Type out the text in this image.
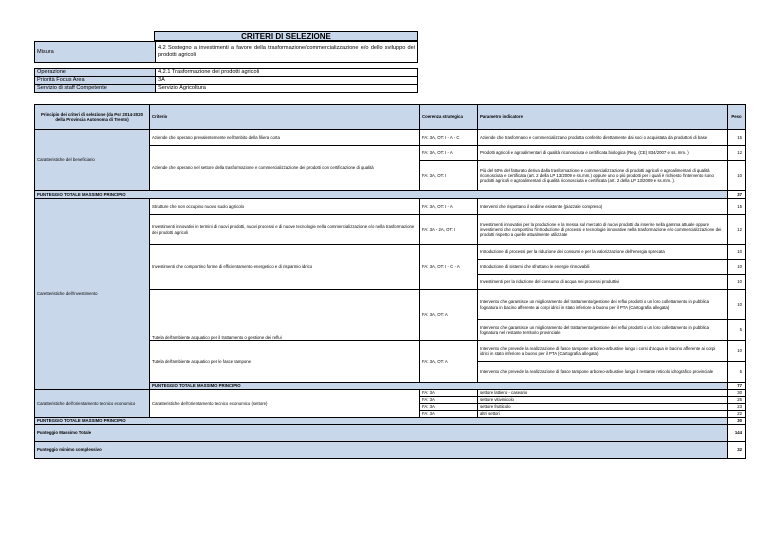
CRITERI DI SELEZIONE
Misura	4.2 Sostegno a investimenti a favore della trasformazione/commercializzazione e/o dello sviluppo dei prodotti agricoli
Operazione	4.2.1 Trasformazione dei prodotti agricoli
Priorità Focus Area	3A
Servizio di staff Competente	Servizio Agricoltura
Principio dei criteri di selezione (da Psr 2014-2020 della Provincia Autonoma di Trento)	Criterio	Coerenza strategica	Parametro indicatore	Peso
Caratteristiche del beneficiario	Aziende che operano prevalentemente nell'ambito della filiera corta	FA: 3A, OT: I - A - C	Aziende che trasformano e commercializzano prodotta conferito direttamente dai soci o acquistata da produttori di base	15
	Aziende che operano nel settore della trasformazione e commercializzazione dei prodotti con certificazione di qualità	FA: 3A, OT: I - A	Prodotti agricoli e agroalimentari di qualità riconosciuta e certificata biologica (Reg. (CE) 834/2007 e ss. mm. )	12
		FA: 3A, OT: I	Più del 50% del fatturato deriva dalla trasformazione e commercializzazione di prodotti agricoli e agroalimentari di qualità riconosciuta e certificata (art. 2 della LP 13/2009 e ss.mm.) oppure uno o più prodotti per i quali è richiesto l'intervento sono prodotti agricoli e agroalimentari di qualità riconosciuta e certificata (art. 2 della LP 13/2009 e ss.mm. ).	10
PUNTEGGIO TOTALE MASSIMO PRINCIPIO				37
Caretteristiche dell'investimento	Strutture che non occupino nuovo suolo agricolo	FA: 3A, OT: I - A	Interventi che rispettano il sedime esistente (piazzale compreso)	15
	Investimenti innovativi in termini di nuovi prodotti, nuovi processi e di nuove tecnologie nella commercializzazione e/o nella trasformazione dei prodotti agricoli	FA: 3A - 2A, OT: I	Investimenti innovativi per la produzione e la messa sul mercato di nuovi prodotti da inserire nella gamma attuale oppure investimenti che comportino l'introduzione di processi e tecnologie innovative nella trasformazione e/o commercializzazione dei prodotti rispetto a quelle attualmente utilizzate	12
	Investimenti che comportino forme di efficientamento energetico e di risparmio idrico	FA: 3A, OT: I - C - A	Introduzione di processi per la riduzione dei consumi e per la valorizzazione dell'energia sprecata	10
			Introduzione di sistemi che sfruttano le energie rinnovabili	10
			Investimenti per la riduzione del consumo di acqua nei processi produttivi	10
	Tutela dell'ambiente acquatico per il trattamento o gestione dei reflui	FA: 3A, OT: A	Intervento che garantisce un miglioramento del trattamento/gestione dei reflui prodotti o un loro collettamento in pubblica fognatura in bacino afferente ai corpi idrici in stato inferiore a buono per il PTA (Cartografia allegata)	10
			Intervento che garantisce un miglioramento del trattamento/gestione dei reflui prodotti o un loro collettamento in pubblica fognatura nel restante territorio provinciale	5
	Tutela dell'ambiente acquatico per le fasce tampone	FA: 3A, OT: A	Intervento che prevede la realizzazione di fasce tampone arboreo-arbustive lungo i corsi d'acqua in bacino afferente ai corpi idrici in stato inferiore a buono per il PTA (Cartografia allegata)	10
			Intervento che prevede la realizzazione di fasce tampone arboreo-arbustive lungo il restante reticolo idrografico provinciale	5
	PUNTEGGIO TOTALE MASSIMO PRINCIPIO			77
Caratteristiche dell'orientamento tecnico economico	Caratteristiche dell'orientamento tecnico economico (settore)	FA: 3A	settore lattiero - caseario	30
		FA: 3A	settore vitivinicolo	25
		FA: 3A	settore frutticolo	23
		FA: 3A	altri settori	22
PUNTEGGIO TOTALE MASSIMO PRINCIPIO				30
Punteggio Massimo Totale				144
Punteggio minimo complessivo				32
